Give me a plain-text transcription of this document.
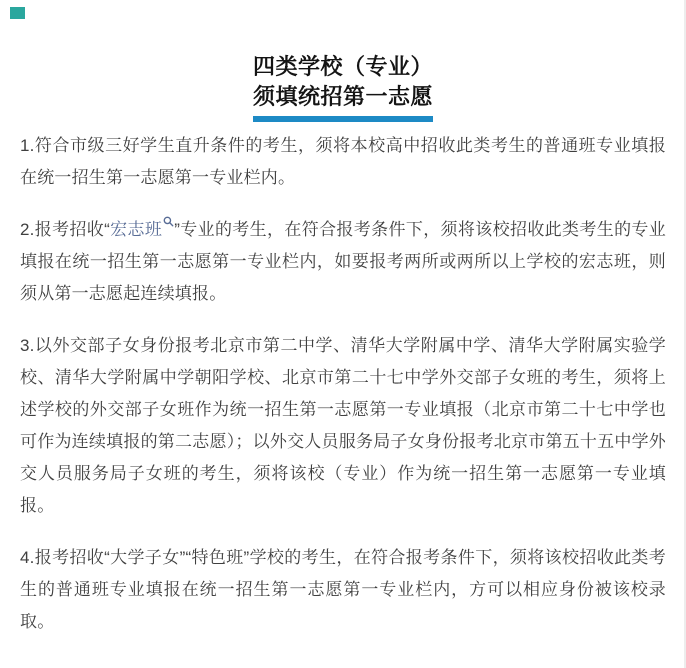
四类学校（专业）
须填统招第一志愿

1.符合市级三好学生直升条件的考生，须将本校高中招收此类考生的普通班专业填报在统一招生第一志愿第一专业栏内。

2.报考招收“宏志班 ”专业的考生，在符合报考条件下，须将该校招收此类考生的专业填报在统一招生第一志愿第一专业栏内，如要报考两所或两所以上学校的宏志班，则须从第一志愿起连续填报。

3.以外交部子女身份报考北京市第二中学、清华大学附属中学、清华大学附属实验学校、清华大学附属中学朝阳学校、北京市第二十七中学外交部子女班的考生，须将上述学校的外交部子女班作为统一招生第一志愿第一专业填报（北京市第二十七中学也可作为连续填报的第二志愿）；以外交人员服务局子女身份报考北京市第五十五中学外交人员服务局子女班的考生，须将该校（专业）作为统一招生第一志愿第一专业填报。

4.报考招收“大学子女”“特色班”学校的考生，在符合报考条件下，须将该校招收此类考生的普通班专业填报在统一招生第一志愿第一专业栏内，方可以相应身份被该校录取。
